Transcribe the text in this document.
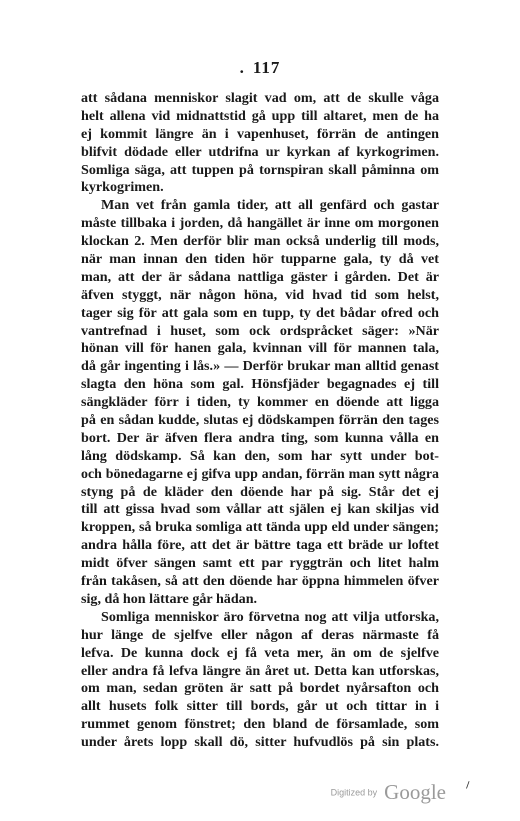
. 117
att sådana menniskor slagit vad om, att de skulle våga
helt allena vid midnattstid gå upp till altaret, men de ha
ej kommit längre än i vapenhuset, förrän de antingen
blifvit dödade eller utdrifna ur kyrkan af kyrkogrimen.
Somliga säga, att tuppen på tornspiran skall påminna om
kyrkogrimen.
Man vet från gamla tider, att all genfärd och gastar
måste tillbaka i jorden, då hangället är inne om morgonen
klockan 2. Men derför blir man också underlig till mods,
när man innan den tiden hör tupparne gala, ty då vet
man, att der är sådana nattliga gäster i gården. Det är
äfven styggt, när någon höna, vid hvad tid som helst,
tager sig för att gala som en tupp, ty det bådar ofred och
vantrefnad i huset, som ock ordspråcket säger: »När
hönan vill för hanen gala, kvinnan vill för mannen tala,
då går ingenting i lås.» — Derför brukar man alltid genast
slagta den höna som gal. Hönsfjäder begagnades ej till
sängkläder förr i tiden, ty kommer en döende att ligga
på en sådan kudde, slutas ej dödskampen förrän den tages
bort. Der är äfven flera andra ting, som kunna vålla en
lång dödskamp. Så kan den, som har sytt under bot-
och bönedagarne ej gifva upp andan, förrän man sytt några
styng på de kläder den döende har på sig. Står det ej
till att gissa hvad som vållar att själen ej kan skiljas vid
kroppen, så bruka somliga att tända upp eld under sängen;
andra hålla före, att det är bättre taga ett bräde ur loftet
midt öfver sängen samt ett par ryggträn och litet halm
från takåsen, så att den döende har öppna himmelen öfver
sig, då hon lättare går hädan.
Somliga menniskor äro förvetna nog att vilja utforska,
hur länge de sjelfve eller någon af deras närmaste få
lefva. De kunna dock ej få veta mer, än om de sjelfve
eller andra få lefva längre än året ut. Detta kan utforskas,
om man, sedan gröten är satt på bordet nyårsafton och
allt husets folk sitter till bords, går ut och tittar in i
rummet genom fönstret; den bland de församlade, som
under årets lopp skall dö, sitter hufvudlös på sin plats.
⸝
Digitized by Google
